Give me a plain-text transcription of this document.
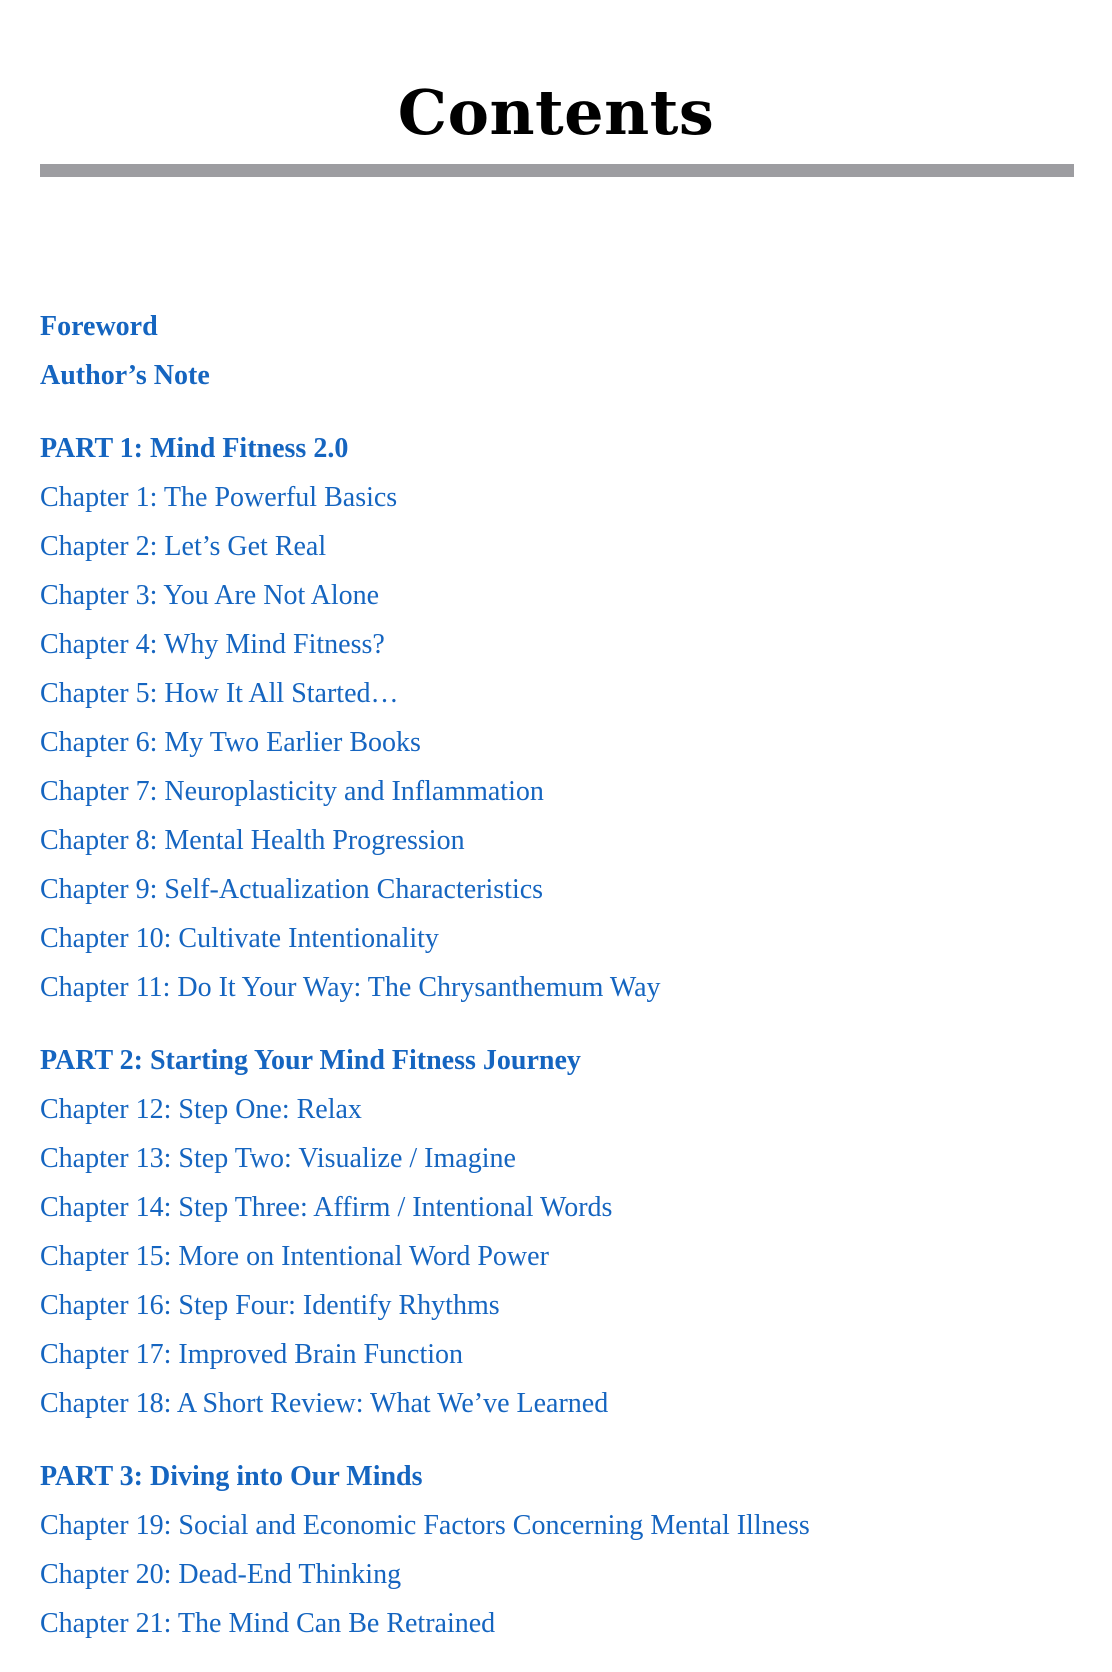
Contents
Foreword
Author’s Note
PART 1: Mind Fitness 2.0
Chapter 1: The Powerful Basics
Chapter 2: Let’s Get Real
Chapter 3: You Are Not Alone
Chapter 4: Why Mind Fitness?
Chapter 5: How It All Started…
Chapter 6: My Two Earlier Books
Chapter 7: Neuroplasticity and Inflammation
Chapter 8: Mental Health Progression
Chapter 9: Self-Actualization Characteristics
Chapter 10: Cultivate Intentionality
Chapter 11: Do It Your Way: The Chrysanthemum Way
PART 2: Starting Your Mind Fitness Journey
Chapter 12: Step One: Relax
Chapter 13: Step Two: Visualize / Imagine
Chapter 14: Step Three: Affirm / Intentional Words
Chapter 15: More on Intentional Word Power
Chapter 16: Step Four: Identify Rhythms
Chapter 17: Improved Brain Function
Chapter 18: A Short Review: What We’ve Learned
PART 3: Diving into Our Minds
Chapter 19: Social and Economic Factors Concerning Mental Illness
Chapter 20: Dead-End Thinking
Chapter 21: The Mind Can Be Retrained
